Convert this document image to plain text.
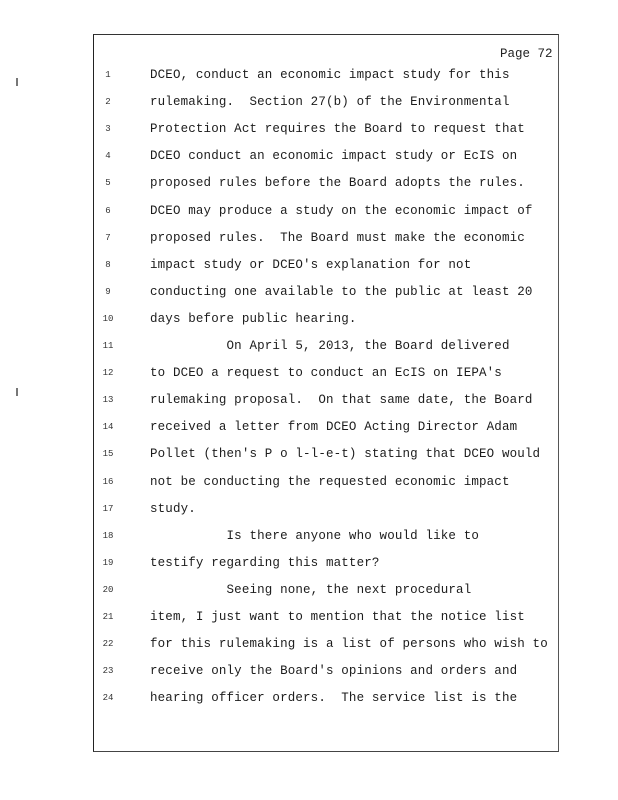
Page 72
1	DCEO, conduct an economic impact study for this
2	rulemaking.  Section 27(b) of the Environmental
3	Protection Act requires the Board to request that
4	DCEO conduct an economic impact study or EcIS on
5	proposed rules before the Board adopts the rules.
6	DCEO may produce a study on the economic impact of
7	proposed rules.  The Board must make the economic
8	impact study or DCEO's explanation for not
9	conducting one available to the public at least 20
10	days before public hearing.
11	On April 5, 2013, the Board delivered
12	to DCEO a request to conduct an EcIS on IEPA's
13	rulemaking proposal.  On that same date, the Board
14	received a letter from DCEO Acting Director Adam
15	Pollet (then's P o l-l-e-t) stating that DCEO would
16	not be conducting the requested economic impact
17	study.
18	Is there anyone who would like to
19	testify regarding this matter?
20	Seeing none, the next procedural
21	item, I just want to mention that the notice list
22	for this rulemaking is a list of persons who wish to
23	receive only the Board's opinions and orders and
24	hearing officer orders.  The service list is the
